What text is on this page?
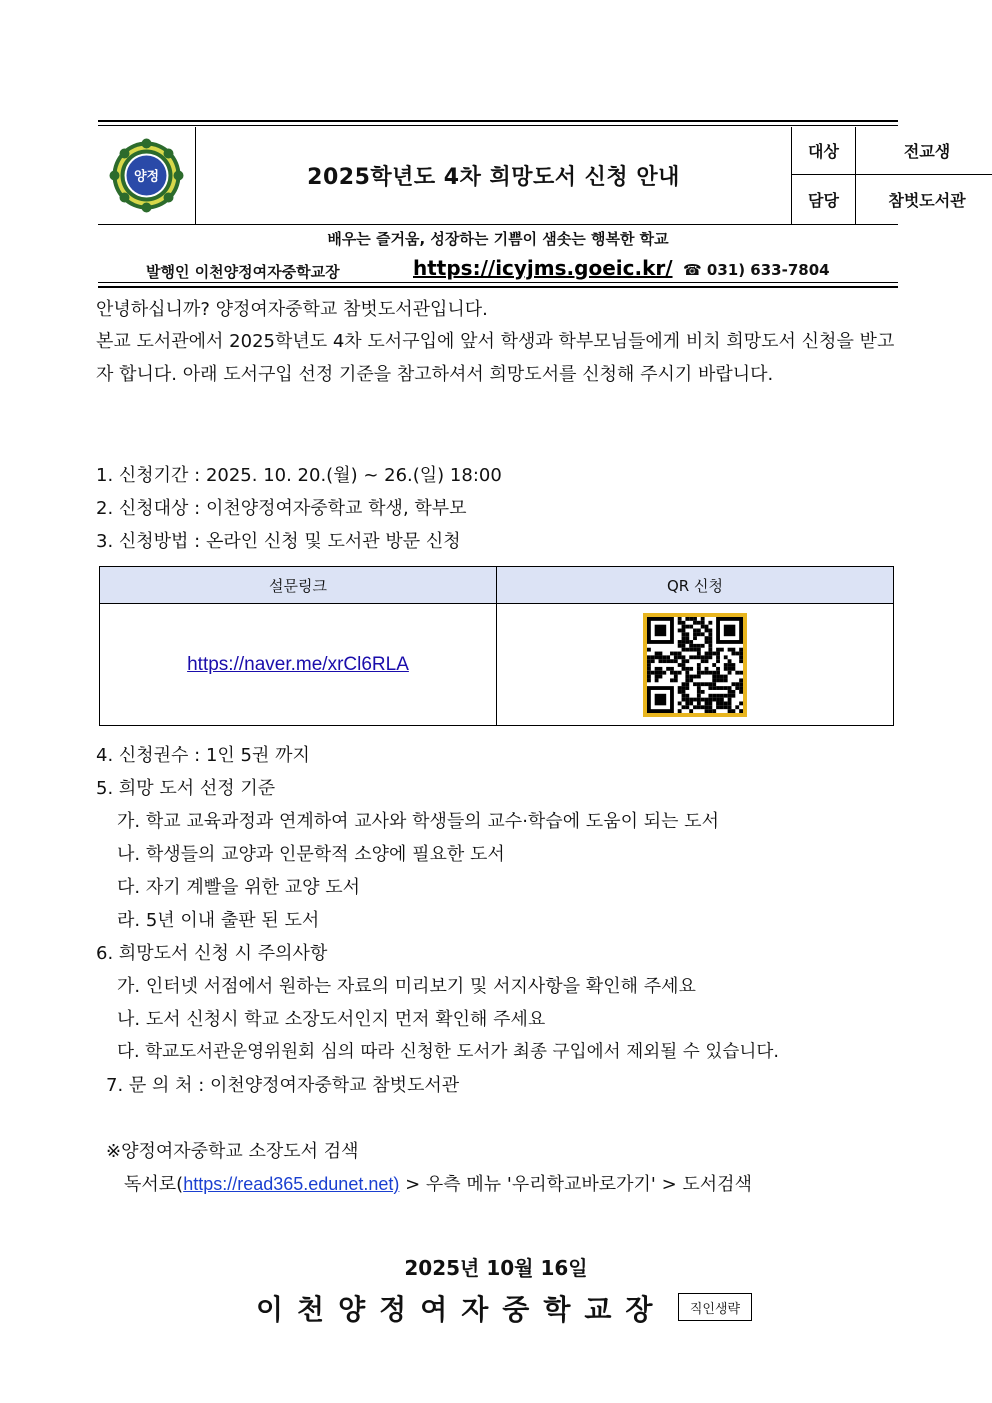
양정	2025학년도 4차 희망도서 신청 안내
대상	전교생
담당	참벗도서관
배우는 즐거움, 성장하는 기쁨이 샘솟는 행복한 학교
발행인 이천양정여자중학교장	https://icyjms.goeic.kr/ ☎ 031) 633-7804
안녕하십니까? 양정여자중학교 참벗도서관입니다.
본교 도서관에서 2025학년도 4차 도서구입에 앞서 학생과 학부모님들에게 비치 희망도서 신청을 받고자 합니다. 아래 도서구입 선정 기준을 참고하셔서 희망도서를 신청해 주시기 바랍니다.
1. 신청기간 : 2025. 10. 20.(월) ~ 26.(일) 18:00
2. 신청대상 : 이천양정여자중학교 학생, 학부모
3. 신청방법 : 온라인 신청 및 도서관 방문 신청
설문링크	QR 신청
https://naver.me/xrCl6RLA
4. 신청권수 : 1인 5권 까지
5. 희망 도서 선정 기준
가. 학교 교육과정과 연계하여 교사와 학생들의 교수·학습에 도움이 되는 도서
나. 학생들의 교양과 인문학적 소양에 필요한 도서
다. 자기 계빨을 위한 교양 도서
라. 5년 이내 출판 된 도서
6. 희망도서 신청 시 주의사항
가. 인터넷 서점에서 원하는 자료의 미리보기 및 서지사항을 확인해 주세요
나. 도서 신청시 학교 소장도서인지 먼저 확인해 주세요
다. 학교도서관운영위원회 심의 따라 신청한 도서가 최종 구입에서 제외될 수 있습니다.
7. 문 의 처 : 이천양정여자중학교 참벗도서관
※양정여자중학교 소장도서 검색
독서로(https://read365.edunet.net) > 우측 메뉴 '우리학교바로가기' > 도서검색
2025년 10월 16일
이천양정여자중학교장	직인생략
